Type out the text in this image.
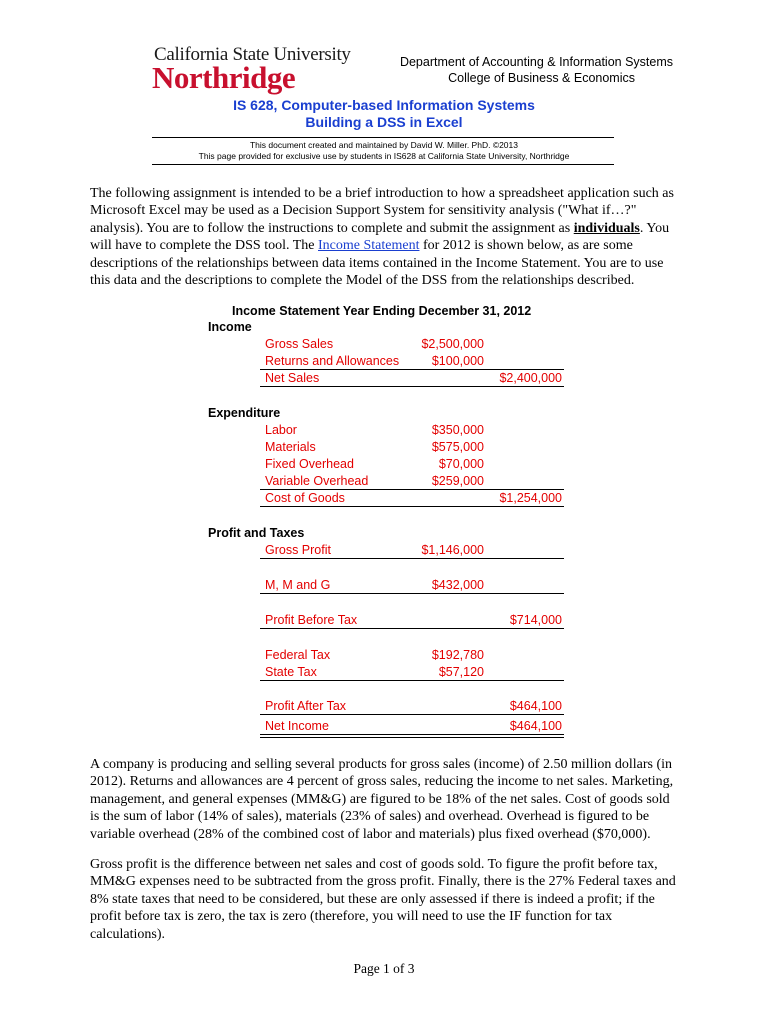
California State University
Northridge	Department of Accounting & Information Systems
College of Business & Economics
IS 628, Computer-based Information Systems
Building a DSS in Excel
This document created and maintained by David W. Miller. PhD. ©2013
This page provided for exclusive use by students in IS628 at California State University, Northridge
The following assignment is intended to be a brief introduction to how a spreadsheet application such as Microsoft Excel may be used as a Decision Support System for sensitivity analysis ("What if…?" analysis). You are to follow the instructions to complete and submit the assignment as individuals. You will have to complete the DSS tool. The Income Statement for 2012 is shown below, as are some descriptions of the relationships between data items contained in the Income Statement. You are to use this data and the descriptions to complete the Model of the DSS from the relationships described.
Income Statement Year Ending December 31, 2012
Income
Gross Sales	$2,500,000
Returns and Allowances	$100,000
Net Sales	$2,400,000
Expenditure
Labor	$350,000
Materials	$575,000
Fixed Overhead	$70,000
Variable Overhead	$259,000
Cost of Goods	$1,254,000
Profit and Taxes
Gross Profit	$1,146,000
M, M and G	$432,000
Profit Before Tax	$714,000
Federal Tax	$192,780
State Tax	$57,120
Profit After Tax	$464,100
Net Income	$464,100
A company is producing and selling several products for gross sales (income) of 2.50 million dollars (in 2012). Returns and allowances are 4 percent of gross sales, reducing the income to net sales. Marketing, management, and general expenses (MM&G) are figured to be 18% of the net sales. Cost of goods sold is the sum of labor (14% of sales), materials (23% of sales) and overhead. Overhead is figured to be variable overhead (28% of the combined cost of labor and materials) plus fixed overhead ($70,000).
Gross profit is the difference between net sales and cost of goods sold. To figure the profit before tax, MM&G expenses need to be subtracted from the gross profit. Finally, there is the 27% Federal taxes and 8% state taxes that need to be considered, but these are only assessed if there is indeed a profit; if the profit before tax is zero, the tax is zero (therefore, you will need to use the IF function for tax calculations).
Page 1 of 3
